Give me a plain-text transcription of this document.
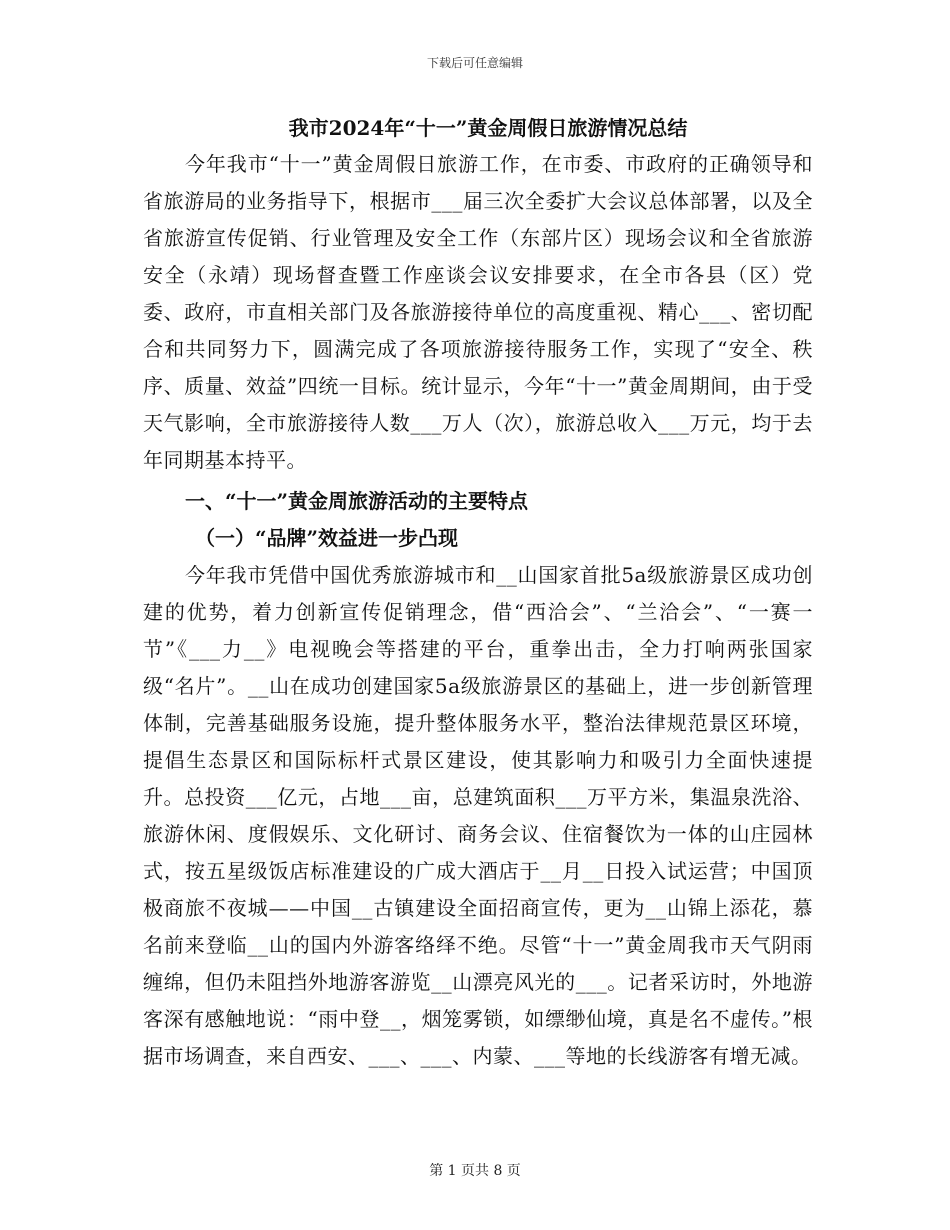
下载后可任意编辑
我市2024年“十一”黄金周假日旅游情况总结

今年我市“十一”黄金周假日旅游工作，在市委、市政府的正确领导和省旅游局的业务指导下，根据市___届三次全委扩大会议总体部署，以及全省旅游宣传促销、行业管理及安全工作（东部片区）现场会议和全省旅游安全（永靖）现场督查暨工作座谈会议安排要求，在全市各县（区）党委、政府，市直相关部门及各旅游接待单位的高度重视、精心___、密切配合和共同努力下，圆满完成了各项旅游接待服务工作，实现了“安全、秩序、质量、效益”四统一目标。统计显示，今年“十一”黄金周期间，由于受天气影响，全市旅游接待人数___万人（次），旅游总收入___万元，均于去年同期基本持平。

一、“十一”黄金周旅游活动的主要特点

（一）“品牌”效益进一步凸现

今年我市凭借中国优秀旅游城市和__山国家首批5a级旅游景区成功创建的优势，着力创新宣传促销理念，借“西洽会”、“兰洽会”、“一赛一节”《___力__》电视晚会等搭建的平台，重拳出击，全力打响两张国家级“名片”。__山在成功创建国家5a级旅游景区的基础上，进一步创新管理体制，完善基础服务设施，提升整体服务水平，整治法律规范景区环境，提倡生态景区和国际标杆式景区建设，使其影响力和吸引力全面快速提升。总投资___亿元，占地___亩，总建筑面积___万平方米，集温泉洗浴、旅游休闲、度假娱乐、文化研讨、商务会议、住宿餐饮为一体的山庄园林式，按五星级饭店标准建设的广成大酒店于__月__日投入试运营；中国顶极商旅不夜城——中国__古镇建设全面招商宣传，更为__山锦上添花，慕名前来登临__山的国内外游客络绎不绝。尽管“十一”黄金周我市天气阴雨缠绵，但仍未阻挡外地游客游览__山漂亮风光的___。记者采访时，外地游客深有感触地说：“雨中登__，烟笼雾锁，如缥缈仙境，真是名不虚传。”根据市场调查，来自西安、___、___、内蒙、___等地的长线游客有增无减。

第 1 页共 8 页
